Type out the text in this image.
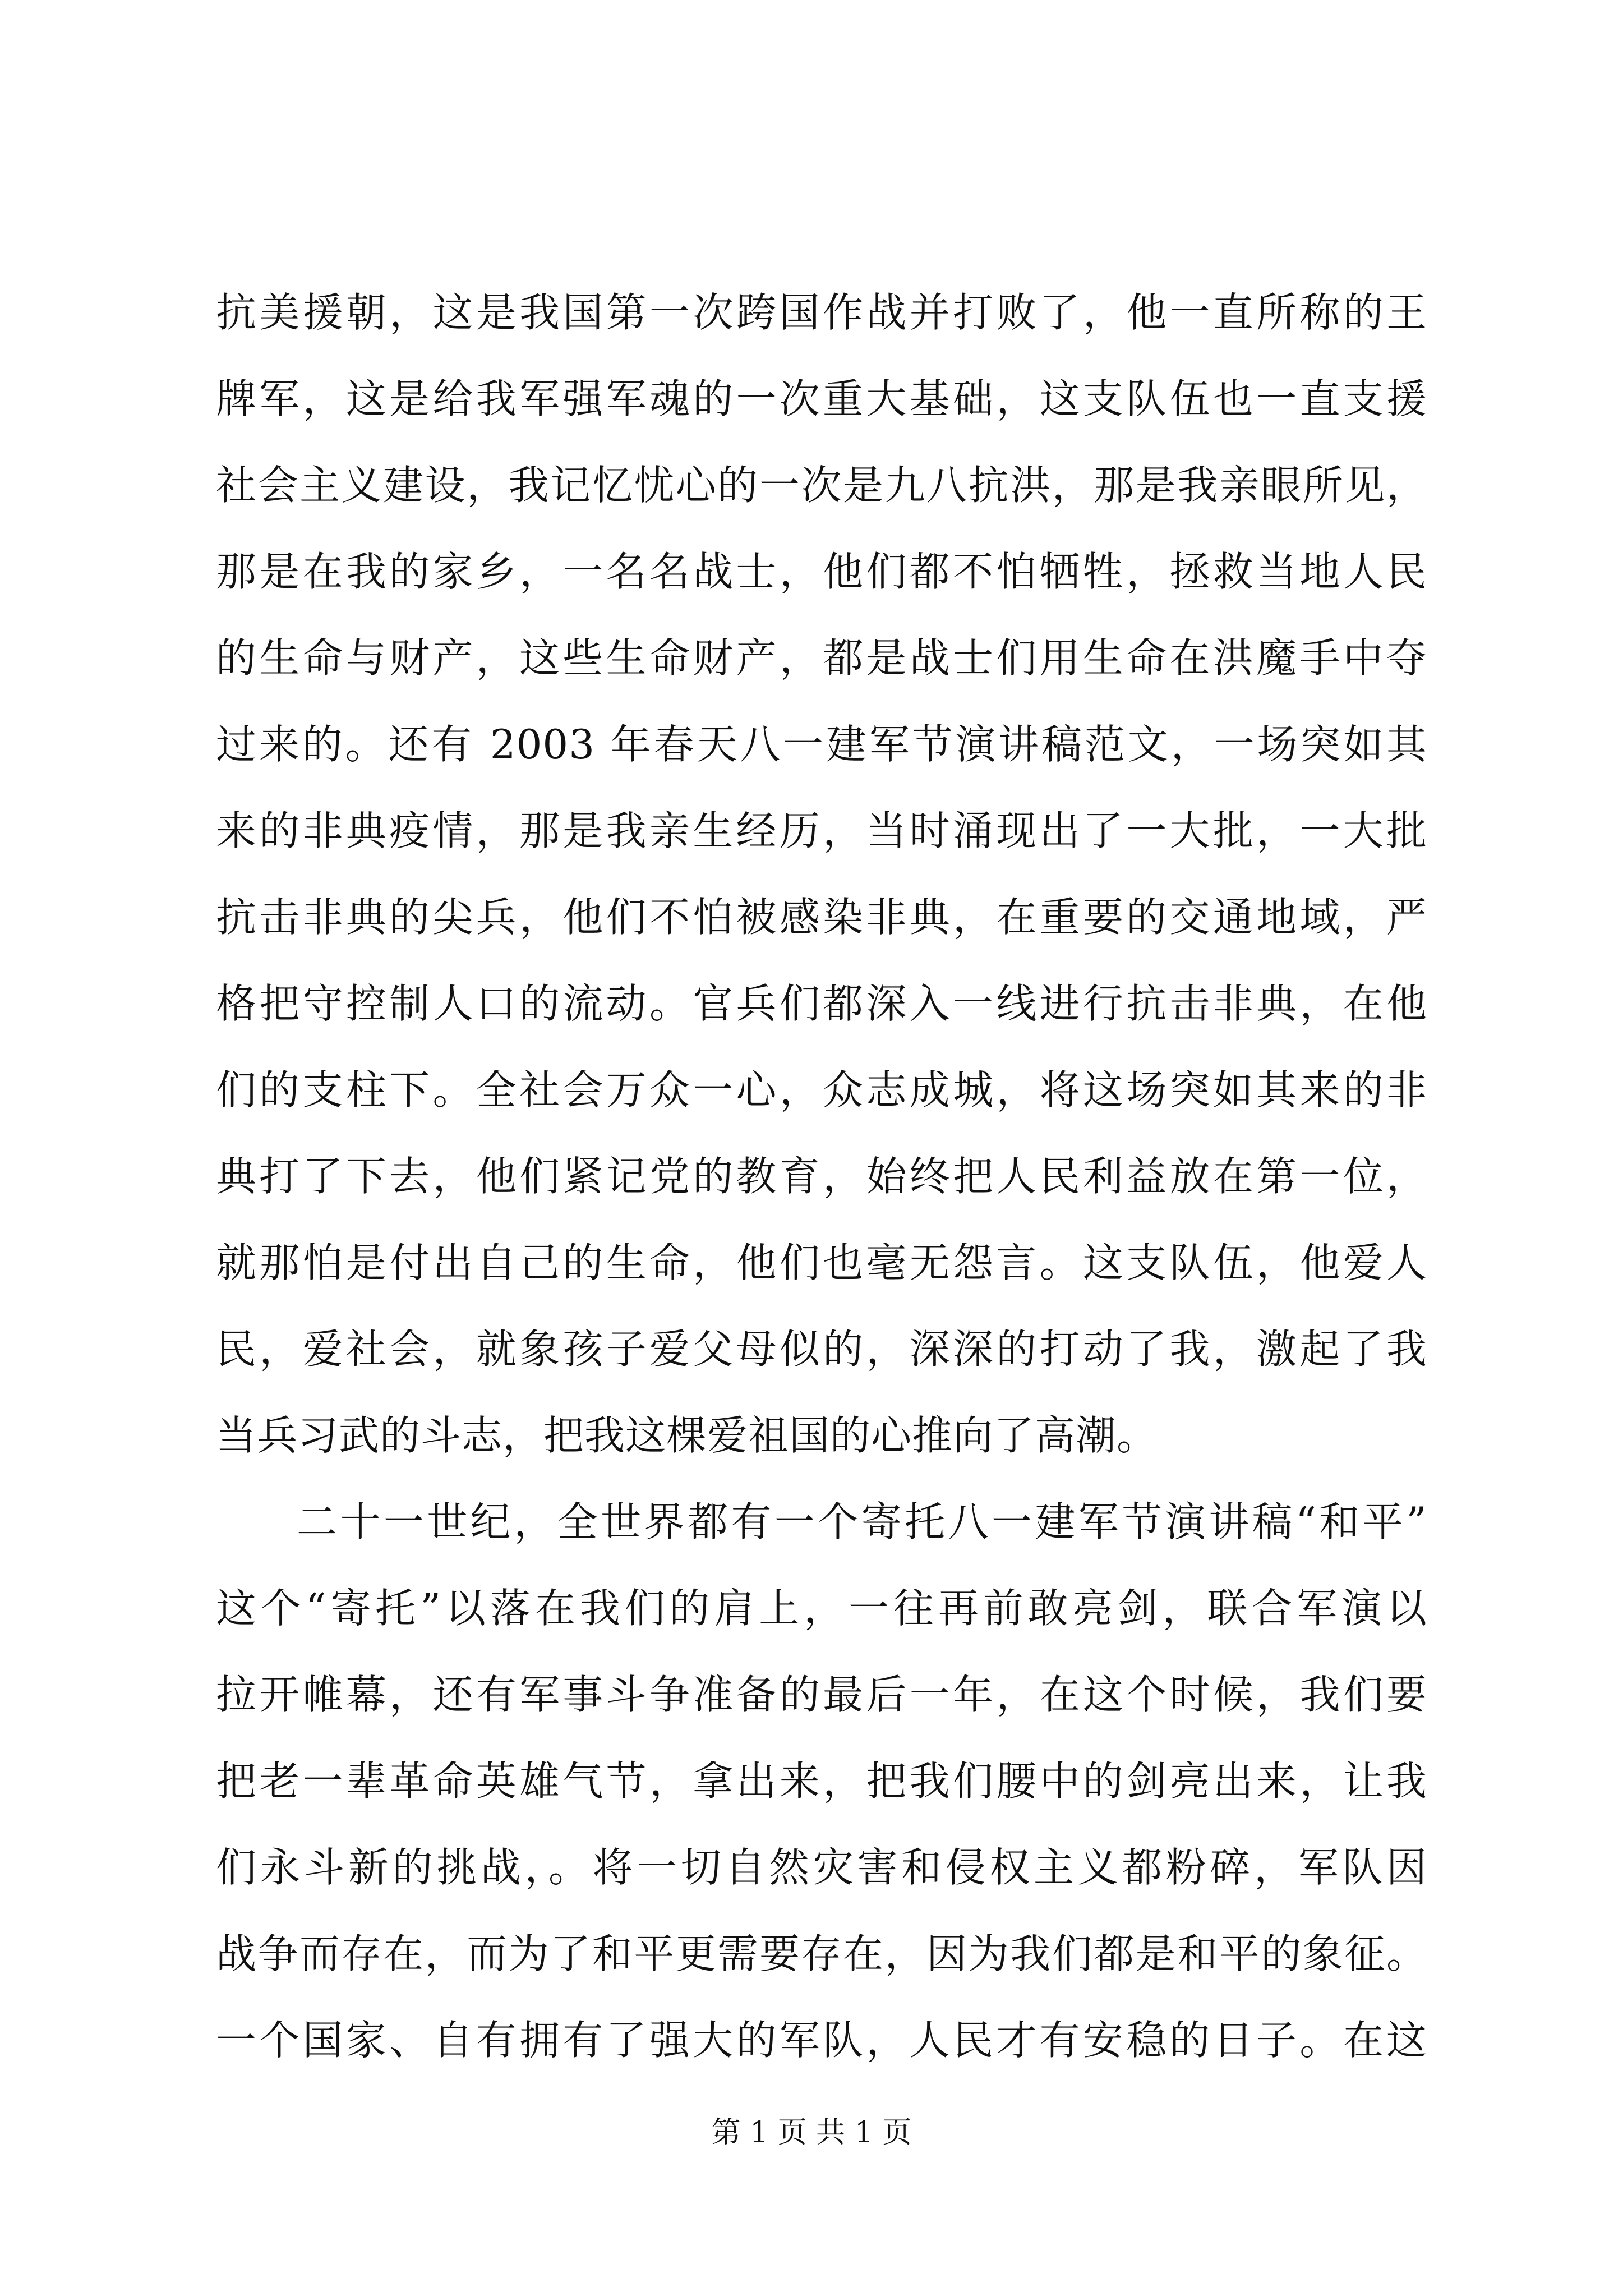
抗美援朝，这是我国第一次跨国作战并打败了，他一直所称的王
牌军，这是给我军强军魂的一次重大基础，这支队伍也一直支援
社会主义建设，我记忆忧心的一次是九八抗洪，那是我亲眼所见，
那是在我的家乡，一名名战士，他们都不怕牺牲，拯救当地人民
的生命与财产，这些生命财产，都是战士们用生命在洪魔手中夺
过来的。还有 2003 年春天八一建军节演讲稿范文，一场突如其
来的非典疫情，那是我亲生经历，当时涌现出了一大批，一大批
抗击非典的尖兵，他们不怕被感染非典，在重要的交通地域，严
格把守控制人口的流动。官兵们都深入一线进行抗击非典，在他
们的支柱下。全社会万众一心，众志成城，将这场突如其来的非
典打了下去，他们紧记党的教育，始终把人民利益放在第一位，
就那怕是付出自己的生命，他们也毫无怨言。这支队伍，他爱人
民，爱社会，就象孩子爱父母似的，深深的打动了我，激起了我
当兵习武的斗志，把我这棵爱祖国的心推向了高潮。
二十一世纪，全世界都有一个寄托八一建军节演讲稿“和平”
这个“寄托”以落在我们的肩上，一往再前敢亮剑，联合军演以
拉开帷幕，还有军事斗争准备的最后一年，在这个时候，我们要
把老一辈革命英雄气节，拿出来，把我们腰中的剑亮出来，让我
们永斗新的挑战，。将一切自然灾害和侵权主义都粉碎，军队因
战争而存在，而为了和平更需要存在，因为我们都是和平的象征。
一个国家、自有拥有了强大的军队，人民才有安稳的日子。在这
第 1 页 共 1 页
